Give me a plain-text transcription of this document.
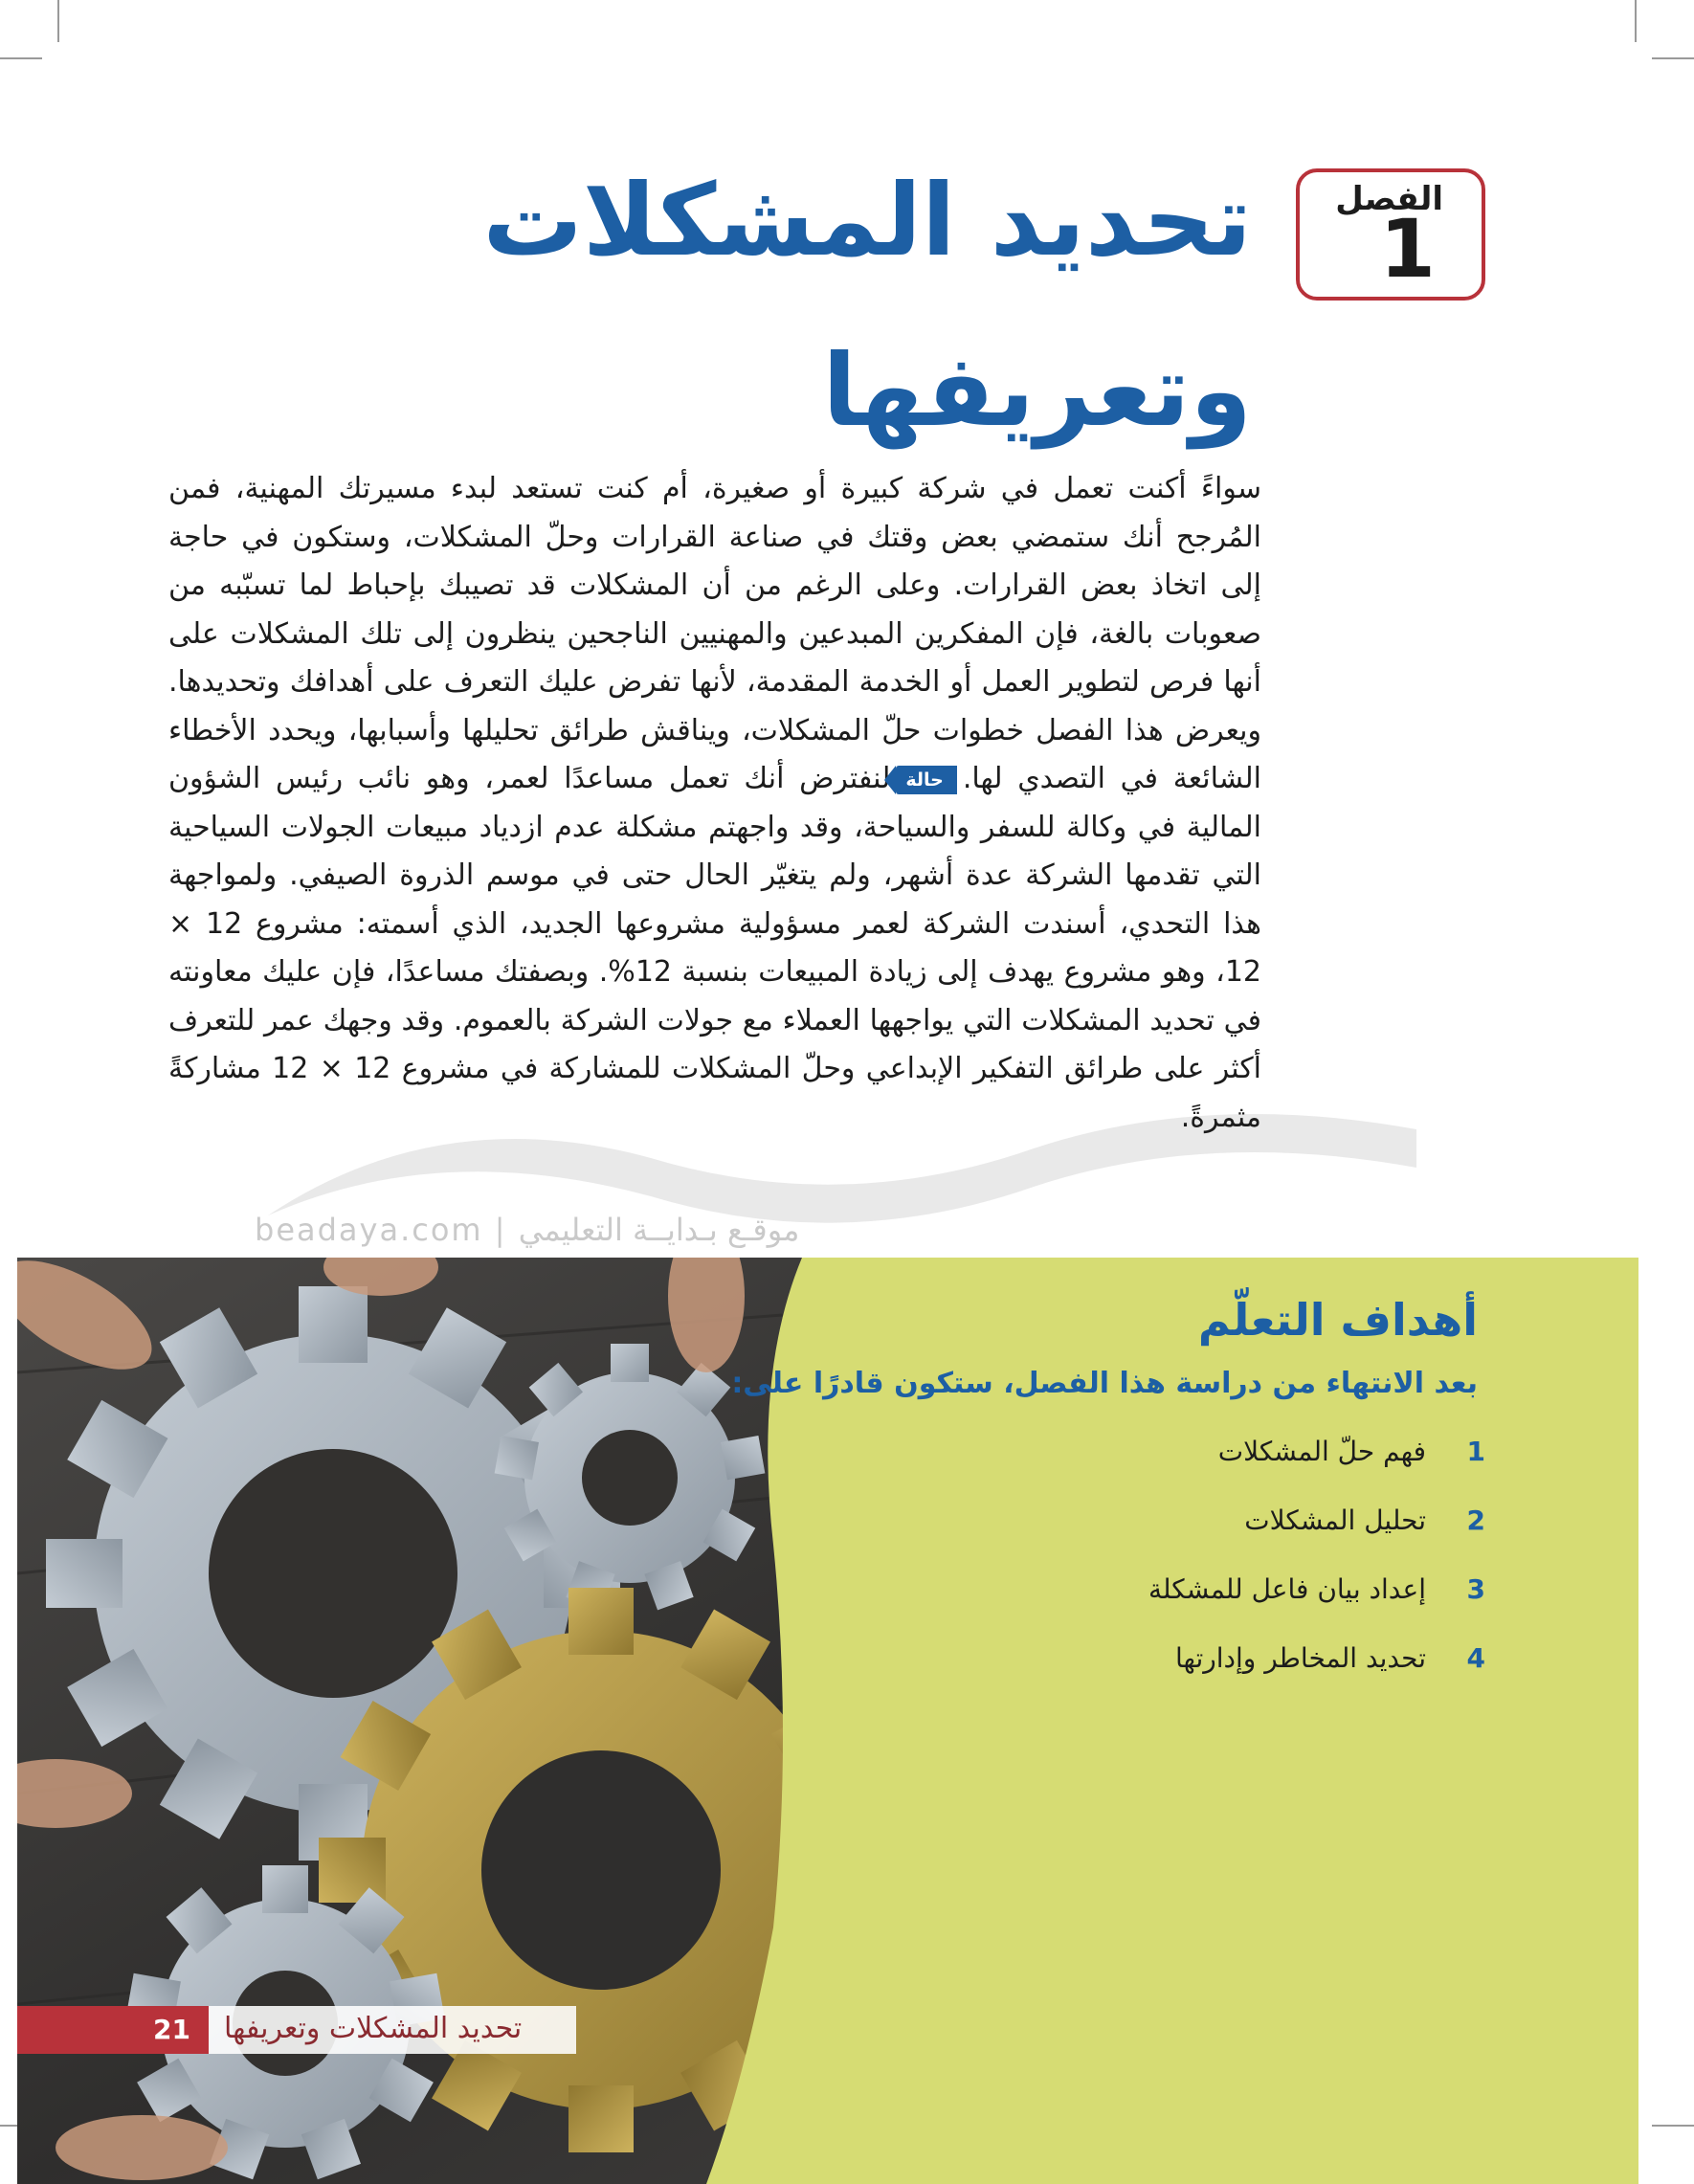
الفصل
1
تحديد المشكلات
وتعريفها
beadaya.com | موقـع بـدايــة التعليمي

سواءً أكنت تعمل في شركة كبيرة أو صغيرة، أم كنت تستعد لبدء مسيرتك المهنية، فمن المُرجح أنك ستمضي بعض وقتك في صناعة القرارات وحلّ المشكلات، وستكون في حاجة إلى اتخاذ بعض القرارات. وعلى الرغم من أن المشكلات قد تصيبك بإحباط لما تسبّبه من صعوبات بالغة، فإن المفكرين المبدعين والمهنيين الناجحين ينظرون إلى تلك المشكلات على أنها فرص لتطوير العمل أو الخدمة المقدمة، لأنها تفرض عليك التعرف على أهدافك وتحديدها. ويعرض هذا الفصل خطوات حلّ المشكلات، ويناقش طرائق تحليلها وأسبابها، ويحدد الأخطاء الشائعة في التصدي لها.حالةلنفترض أنك تعمل مساعدًا لعمر، وهو نائب رئيس الشؤون المالية في وكالة للسفر والسياحة، وقد واجهتم مشكلة عدم ازدياد مبيعات الجولات السياحية التي تقدمها الشركة عدة أشهر، ولم يتغيّر الحال حتى في موسم الذروة الصيفي. ولمواجهة هذا التحدي، أسندت الشركة لعمر مسؤولية مشروعها الجديد، الذي أسمته: مشروع 12 × 12، وهو مشروع يهدف إلى زيادة المبيعات بنسبة 12%. وبصفتك مساعدًا، فإن عليك معاونته في تحديد المشكلات التي يواجهها العملاء مع جولات الشركة بالعموم. وقد وجهك عمر للتعرف أكثر على طرائق التفكير الإبداعي وحلّ المشكلات للمشاركة في مشروع 12 × 12 مشاركةً مثمرةً.

أهداف التعلّم

بعد الانتهاء من دراسة هذا الفصل، ستكون قادرًا على:

1
فهم حلّ المشكلات
2
تحليل المشكلات
3
إعداد بيان فاعل للمشكلة
4
تحديد المخاطر وإدارتها
21 تحديد المشكلات وتعريفها
